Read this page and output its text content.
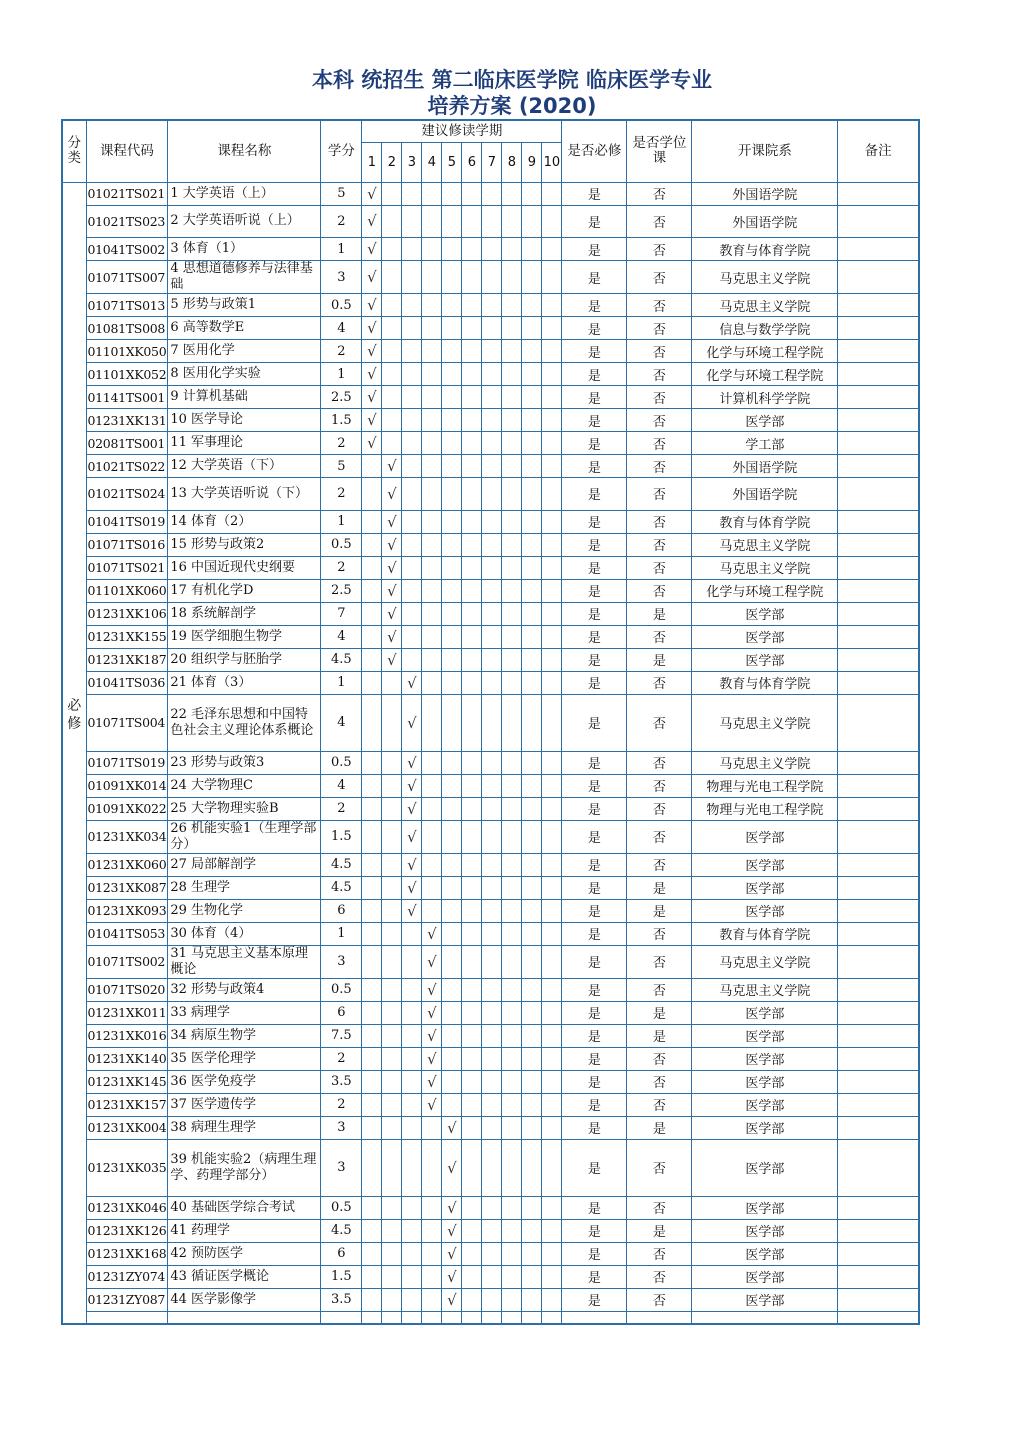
本科 统招生 第二临床医学院 临床医学专业
培养方案 (2020)
分类	课程代码	课程名称	学分	建议修读学期										是否必修	是否学位课	开课院系	备注
				1	2	3	4	5	6	7	8	9	10				
必修	01021TS021	1 大学英语（上）	5	√										是	否	外国语学院	
	01021TS023	2 大学英语听说（上）	2	√										是	否	外国语学院	
	01041TS002	3 体育（1）	1	√										是	否	教育与体育学院	
	01071TS007	4 思想道德修养与法律基础	3	√										是	否	马克思主义学院	
	01071TS013	5 形势与政策1	0.5	√										是	否	马克思主义学院	
	01081TS008	6 高等数学E	4	√										是	否	信息与数学学院	
	01101XK050	7 医用化学	2	√										是	否	化学与环境工程学院	
	01101XK052	8 医用化学实验	1	√										是	否	化学与环境工程学院	
	01141TS001	9 计算机基础	2.5	√										是	否	计算机科学学院	
	01231XK131	10 医学导论	1.5	√										是	否	医学部	
	02081TS001	11 军事理论	2	√										是	否	学工部	
	01021TS022	12 大学英语（下）	5		√									是	否	外国语学院	
	01021TS024	13 大学英语听说（下）	2		√									是	否	外国语学院	
	01041TS019	14 体育（2）	1		√									是	否	教育与体育学院	
	01071TS016	15 形势与政策2	0.5		√									是	否	马克思主义学院	
	01071TS021	16 中国近现代史纲要	2		√									是	否	马克思主义学院	
	01101XK060	17 有机化学D	2.5		√									是	否	化学与环境工程学院	
	01231XK106	18 系统解剖学	7		√									是	是	医学部	
	01231XK155	19 医学细胞生物学	4		√									是	否	医学部	
	01231XK187	20 组织学与胚胎学	4.5		√									是	是	医学部	
	01041TS036	21 体育（3）	1			√								是	否	教育与体育学院	
	01071TS004	22 毛泽东思想和中国特色社会主义理论体系概论	4			√								是	否	马克思主义学院	
	01071TS019	23 形势与政策3	0.5			√								是	否	马克思主义学院	
	01091XK014	24 大学物理C	4			√								是	否	物理与光电工程学院	
	01091XK022	25 大学物理实验B	2			√								是	否	物理与光电工程学院	
	01231XK034	26 机能实验1（生理学部分）	1.5			√								是	否	医学部	
	01231XK060	27 局部解剖学	4.5			√								是	否	医学部	
	01231XK087	28 生理学	4.5			√								是	是	医学部	
	01231XK093	29 生物化学	6			√								是	是	医学部	
	01041TS053	30 体育（4）	1				√							是	否	教育与体育学院	
	01071TS002	31 马克思主义基本原理概论	3				√							是	否	马克思主义学院	
	01071TS020	32 形势与政策4	0.5				√							是	否	马克思主义学院	
	01231XK011	33 病理学	6				√							是	是	医学部	
	01231XK016	34 病原生物学	7.5				√							是	是	医学部	
	01231XK140	35 医学伦理学	2				√							是	否	医学部	
	01231XK145	36 医学免疫学	3.5				√							是	否	医学部	
	01231XK157	37 医学遗传学	2				√							是	否	医学部	
	01231XK004	38 病理生理学	3					√						是	是	医学部	
	01231XK035	39 机能实验2（病理生理学、药理学部分）	3					√						是	否	医学部	
	01231XK046	40 基础医学综合考试	0.5					√						是	否	医学部	
	01231XK126	41 药理学	4.5					√						是	是	医学部	
	01231XK168	42 预防医学	6					√						是	否	医学部	
	01231ZY074	43 循证医学概论	1.5					√						是	否	医学部	
	01231ZY087	44 医学影像学	3.5					√						是	否	医学部	
